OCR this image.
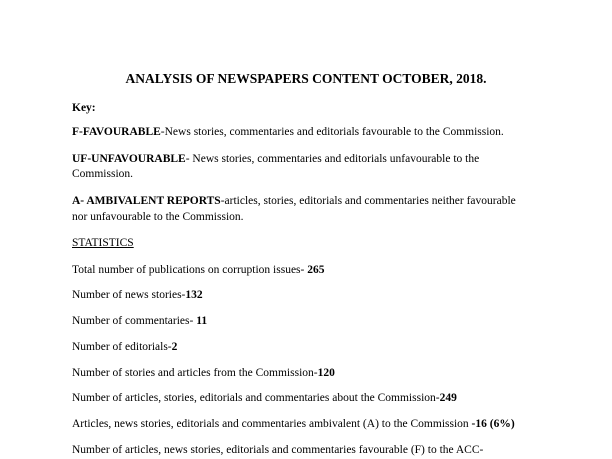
ANALYSIS OF NEWSPAPERS CONTENT OCTOBER, 2018.
Key:
F-FAVOURABLE-News stories, commentaries and editorials favourable to the Commission.
UF-UNFAVOURABLE- News stories, commentaries and editorials unfavourable to the
Commission.
A- AMBIVALENT REPORTS-articles, stories, editorials and commentaries neither favourable
nor unfavourable to the Commission.
STATISTICS
Total number of publications on corruption issues- 265
Number of news stories-132
Number of commentaries- 11
Number of editorials-2
Number of stories and articles from the Commission-120
Number of articles, stories, editorials and commentaries about the Commission-249
Articles, news stories, editorials and commentaries ambivalent (A) to the Commission -16 (6%)
Number of articles, news stories, editorials and commentaries favourable (F) to the ACC-
